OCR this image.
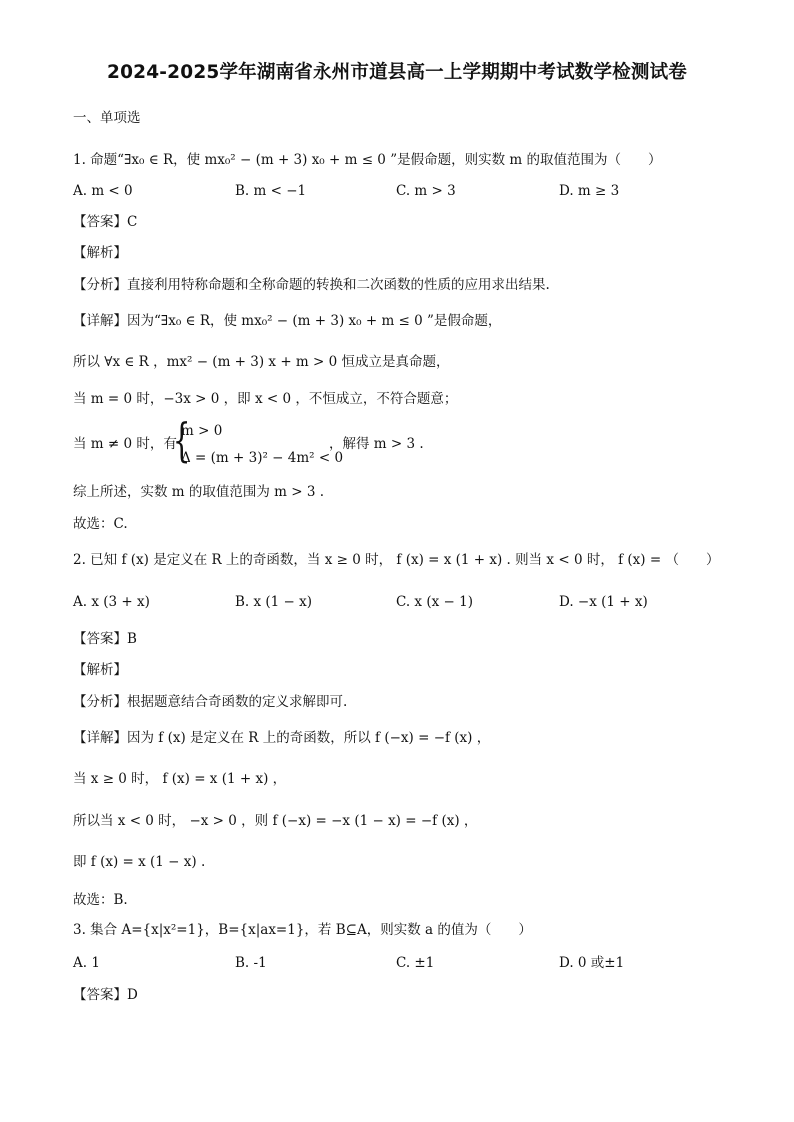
2024-2025学年湖南省永州市道县高一上学期期中考试数学检测试卷
一、单项选
1. 命题“∃x₀ ∈ R，使 mx₀² − (m + 3) x₀ + m ≤ 0 ”是假命题，则实数 m 的取值范围为（　　）
A. m < 0	B. m < −1	C. m > 3	D. m ≥ 3
【答案】C
【解析】
【分析】直接利用特称命题和全称命题的转换和二次函数的性质的应用求出结果.
【详解】因为“∃x₀ ∈ R，使 mx₀² − (m + 3) x₀ + m ≤ 0 ”是假命题，
所以 ∀x ∈ R ，mx² − (m + 3) x + m > 0 恒成立是真命题，
当 m = 0 时，−3x > 0 ，即 x < 0 ，不恒成立，不符合题意；
当 m ≠ 0 时，有
{
m > 0
Δ = (m + 3)² − 4m² < 0
，解得 m > 3 .
综上所述，实数 m 的取值范围为 m > 3 .
故选：C.
2. 已知 f (x) 是定义在 R 上的奇函数，当 x ≥ 0 时， f (x) = x (1 + x) . 则当 x < 0 时， f (x) = （　　）
A. x (3 + x)	B. x (1 − x)	C. x (x − 1)	D. −x (1 + x)
【答案】B
【解析】
【分析】根据题意结合奇函数的定义求解即可.
【详解】因为 f (x) 是定义在 R 上的奇函数，所以 f (−x) = −f (x) ，
当 x ≥ 0 时， f (x) = x (1 + x) ，
所以当 x < 0 时， −x > 0 ，则 f (−x) = −x (1 − x) = −f (x) ，
即 f (x) = x (1 − x) .
故选：B.
3. 集合 A={x|x²=1}，B={x|ax=1}，若 B⊆A，则实数 a 的值为（　　）
A. 1	B. -1	C. ±1	D. 0 或±1
【答案】D
